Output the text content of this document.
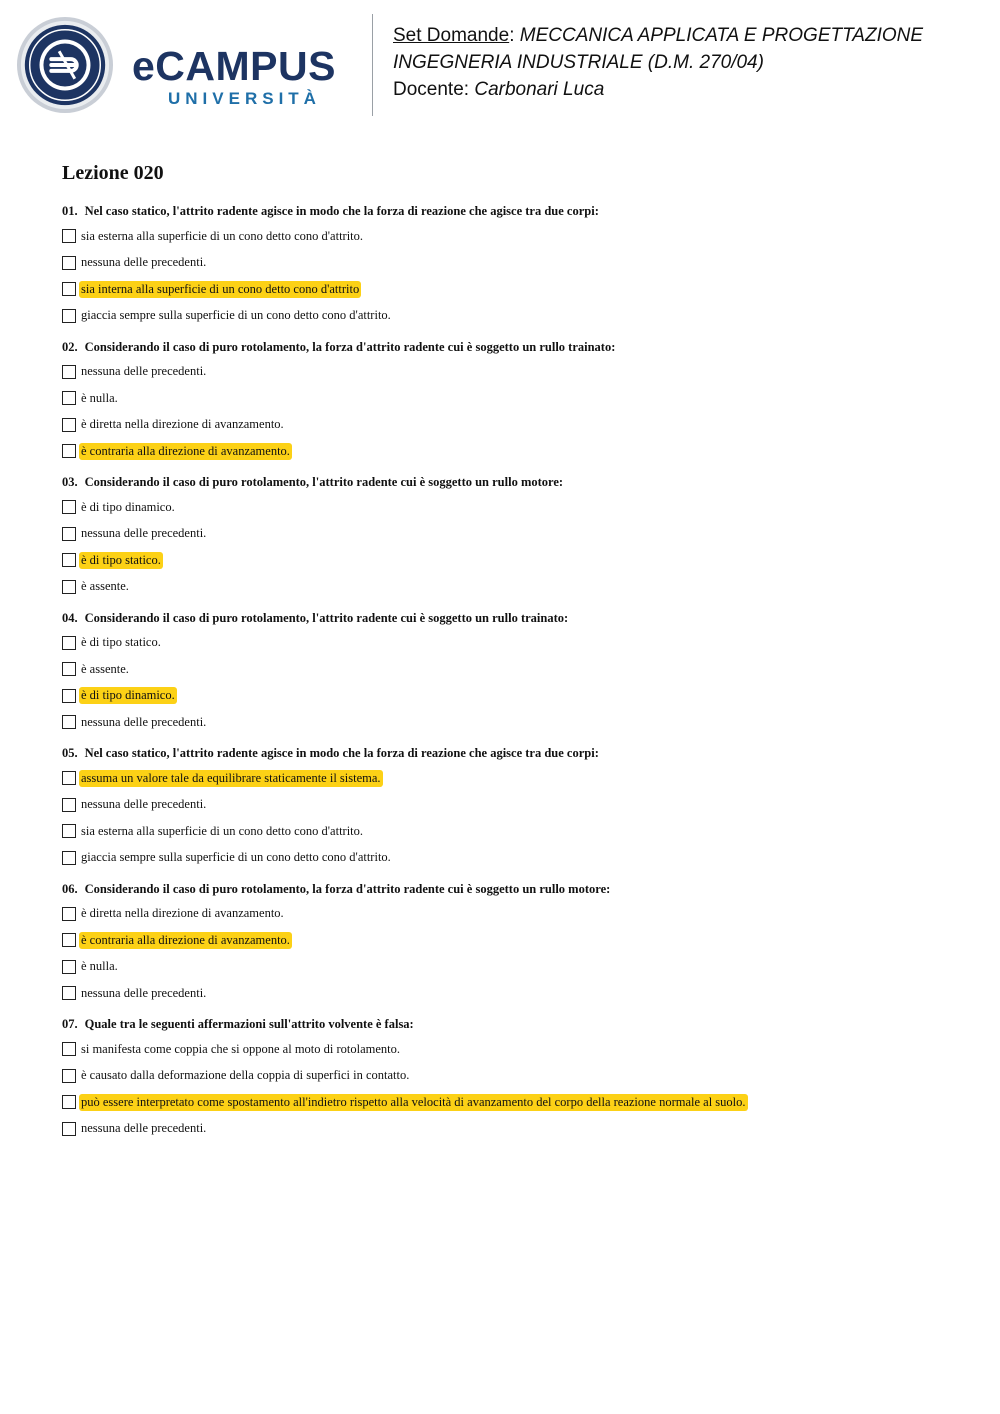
eCAMPUS
UNIVERSITÀ
Set Domande: MECCANICA APPLICATA E PROGETTAZIONE
INGEGNERIA INDUSTRIALE (D.M. 270/04)
Docente: Carbonari Luca
Lezione 020
01. Nel caso statico, l'attrito radente agisce in modo che la forza di reazione che agisce tra due corpi:
sia esterna alla superficie di un cono detto cono d'attrito.
nessuna delle precedenti.
sia interna alla superficie di un cono detto cono d'attrito
giaccia sempre sulla superficie di un cono detto cono d'attrito.
02. Considerando il caso di puro rotolamento, la forza d'attrito radente cui è soggetto un rullo trainato:
nessuna delle precedenti.
è nulla.
è diretta nella direzione di avanzamento.
è contraria alla direzione di avanzamento.
03. Considerando il caso di puro rotolamento, l'attrito radente cui è soggetto un rullo motore:
è di tipo dinamico.
nessuna delle precedenti.
è di tipo statico.
è assente.
04. Considerando il caso di puro rotolamento, l'attrito radente cui è soggetto un rullo trainato:
è di tipo statico.
è assente.
è di tipo dinamico.
nessuna delle precedenti.
05. Nel caso statico, l'attrito radente agisce in modo che la forza di reazione che agisce tra due corpi:
assuma un valore tale da equilibrare staticamente il sistema.
nessuna delle precedenti.
sia esterna alla superficie di un cono detto cono d'attrito.
giaccia sempre sulla superficie di un cono detto cono d'attrito.
06. Considerando il caso di puro rotolamento, la forza d'attrito radente cui è soggetto un rullo motore:
è diretta nella direzione di avanzamento.
è contraria alla direzione di avanzamento.
è nulla.
nessuna delle precedenti.
07. Quale tra le seguenti affermazioni sull'attrito volvente è falsa:
si manifesta come coppia che si oppone al moto di rotolamento.
è causato dalla deformazione della coppia di superfici in contatto.
può essere interpretato come spostamento all'indietro rispetto alla velocità di avanzamento del corpo della reazione normale al suolo.
nessuna delle precedenti.
